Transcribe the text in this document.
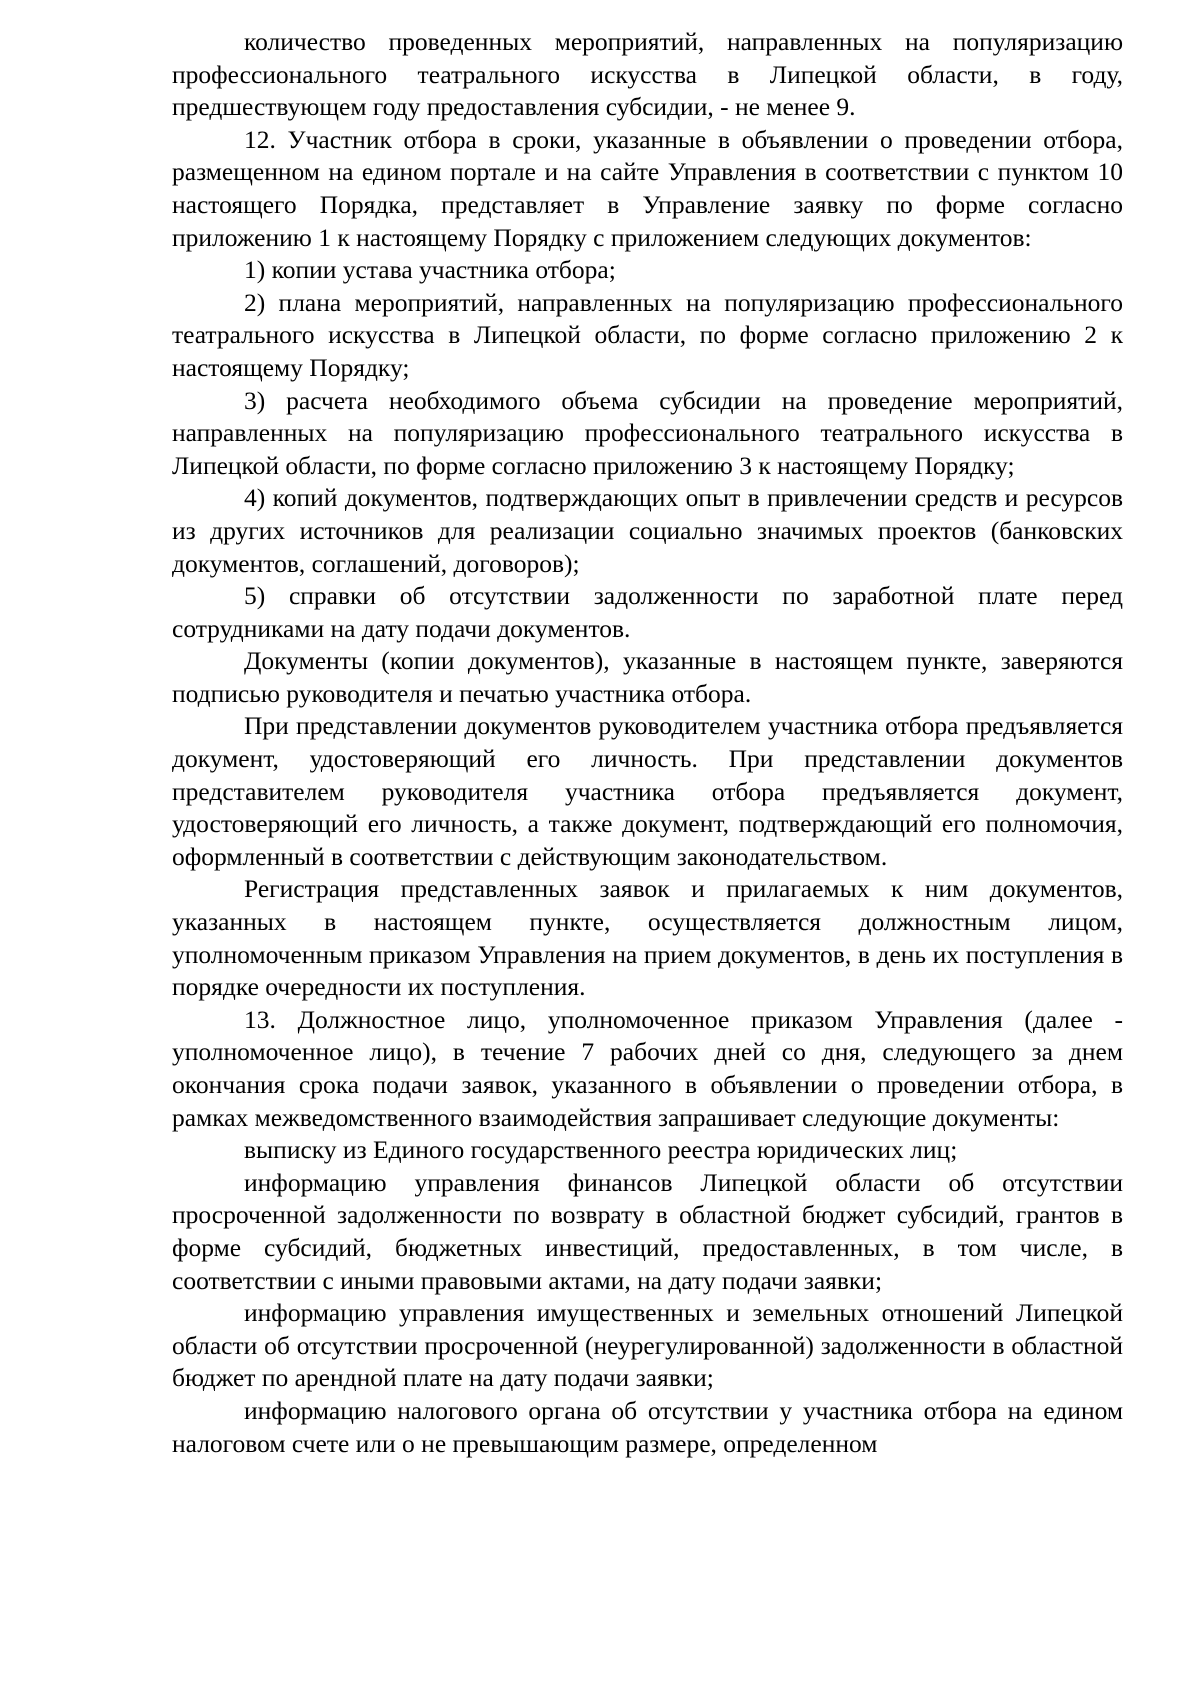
количество проведенных мероприятий, направленных на популяризацию профессионального театрального искусства в Липецкой области, в году, предшествующем году предоставления субсидии, - не менее 9.

12. Участник отбора в сроки, указанные в объявлении о проведении отбора, размещенном на едином портале и на сайте Управления в соответствии с пунктом 10 настоящего Порядка, представляет в Управление заявку по форме согласно приложению 1 к настоящему Порядку с приложением следующих документов:

1) копии устава участника отбора;

2) плана мероприятий, направленных на популяризацию профессионального театрального искусства в Липецкой области, по форме согласно приложению 2 к настоящему Порядку;

3) расчета необходимого объема субсидии на проведение мероприятий, направленных на популяризацию профессионального театрального искусства в Липецкой области, по форме согласно приложению 3 к настоящему Порядку;

4) копий документов, подтверждающих опыт в привлечении средств и ресурсов из других источников для реализации социально значимых проектов (банковских документов, соглашений, договоров);

5) справки об отсутствии задолженности по заработной плате перед сотрудниками на дату подачи документов.

Документы (копии документов), указанные в настоящем пункте, заверяются подписью руководителя и печатью участника отбора.

При представлении документов руководителем участника отбора предъявляется документ, удостоверяющий его личность. При представлении документов представителем руководителя участника отбора предъявляется документ, удостоверяющий его личность, а также документ, подтверждающий его полномочия, оформленный в соответствии с действующим законодательством.

Регистрация представленных заявок и прилагаемых к ним документов, указанных в настоящем пункте, осуществляется должностным лицом, уполномоченным приказом Управления на прием документов, в день их поступления в порядке очередности их поступления.

13. Должностное лицо, уполномоченное приказом Управления (далее - уполномоченное лицо), в течение 7 рабочих дней со дня, следующего за днем окончания срока подачи заявок, указанного в объявлении о проведении отбора, в рамках межведомственного взаимодействия запрашивает следующие документы:

выписку из Единого государственного реестра юридических лиц;

информацию управления финансов Липецкой области об отсутствии просроченной задолженности по возврату в областной бюджет субсидий, грантов в форме субсидий, бюджетных инвестиций, предоставленных, в том числе, в соответствии с иными правовыми актами, на дату подачи заявки;

информацию управления имущественных и земельных отношений Липецкой области об отсутствии просроченной (неурегулированной) задолженности в областной бюджет по арендной плате на дату подачи заявки;

информацию налогового органа об отсутствии у участника отбора на едином налоговом счете или о не превышающим размере, определенном
